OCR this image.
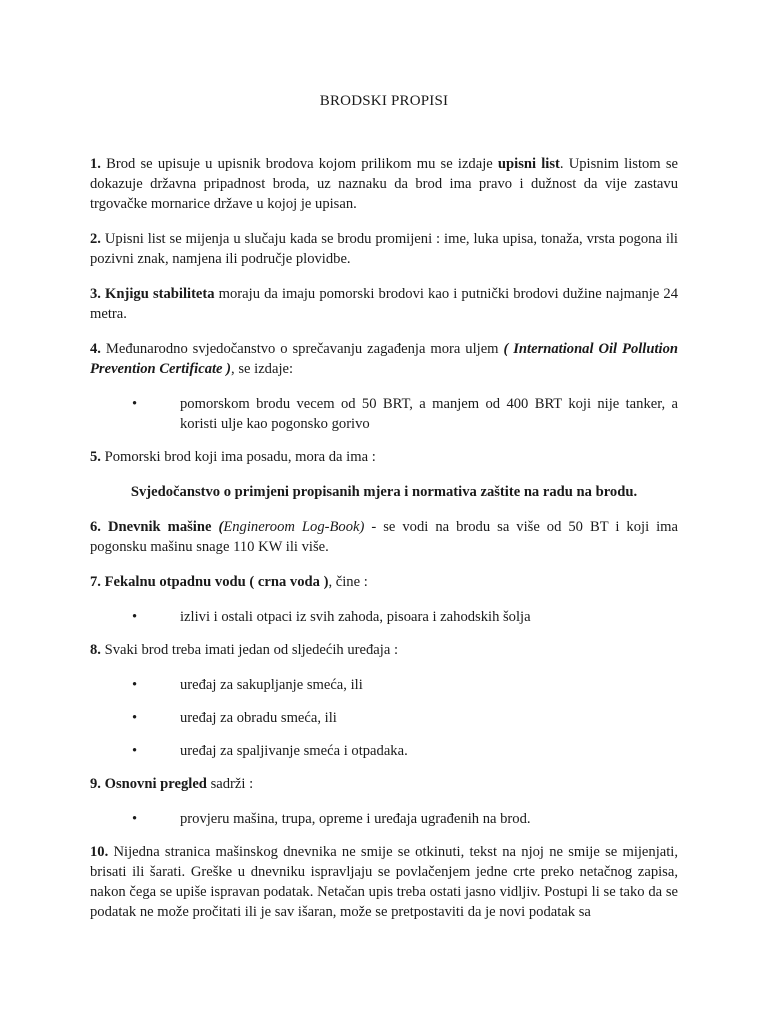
BRODSKI PROPISI

1. Brod se upisuje u upisnik brodova kojom prilikom mu se izdaje upisni list. Upisnim listom se dokazuje državna pripadnost broda, uz naznaku da brod ima pravo i dužnost da vije zastavu trgovačke mornarice države u kojoj je upisan.

2. Upisni list se mijenja u slučaju kada se brodu promijeni : ime, luka upisa, tonaža, vrsta pogona ili pozivni znak, namjena ili područje plovidbe.

3. Knjigu stabiliteta moraju da imaju pomorski brodovi kao i putnički brodovi dužine najmanje 24 metra.

4. Međunarodno svjedočanstvo o sprečavanju zagađenja mora uljem ( International Oil Pollution Prevention Certificate ), se izdaje:

•	pomorskom brodu vecem od 50 BRT, a manjem od 400 BRT koji nije tanker, a koristi ulje kao pogonsko gorivo

5. Pomorski brod koji ima posadu, mora da ima :

Svjedočanstvo o primjeni propisanih mjera i normativa zaštite na radu na brodu.

6. Dnevnik mašine (Engineroom Log-Book) - se vodi na brodu sa više od 50 BT i koji ima pogonsku mašinu snage 110 KW ili više.

7. Fekalnu otpadnu vodu ( crna voda ), čine :

•	izlivi i ostali otpaci iz svih zahoda, pisoara i zahodskih šolja

8. Svaki brod treba imati jedan od sljedećih uređaja :

•	uređaj za sakupljanje smeća, ili
•	uređaj za obradu smeća, ili
•	uređaj za spaljivanje smeća i otpadaka.

9. Osnovni pregled sadrži :

•	provjeru mašina, trupa, opreme i uređaja ugrađenih na brod.

10. Nijedna stranica mašinskog dnevnika ne smije se otkinuti, tekst na njoj ne smije se mijenjati, brisati ili šarati. Greške u dnevniku ispravljaju se povlačenjem jedne crte preko netačnog zapisa, nakon čega se upiše ispravan podatak. Netačan upis treba ostati jasno vidljiv. Postupi li se tako da se podatak ne može pročitati ili je sav išaran, može se pretpostaviti da je novi podatak sa
